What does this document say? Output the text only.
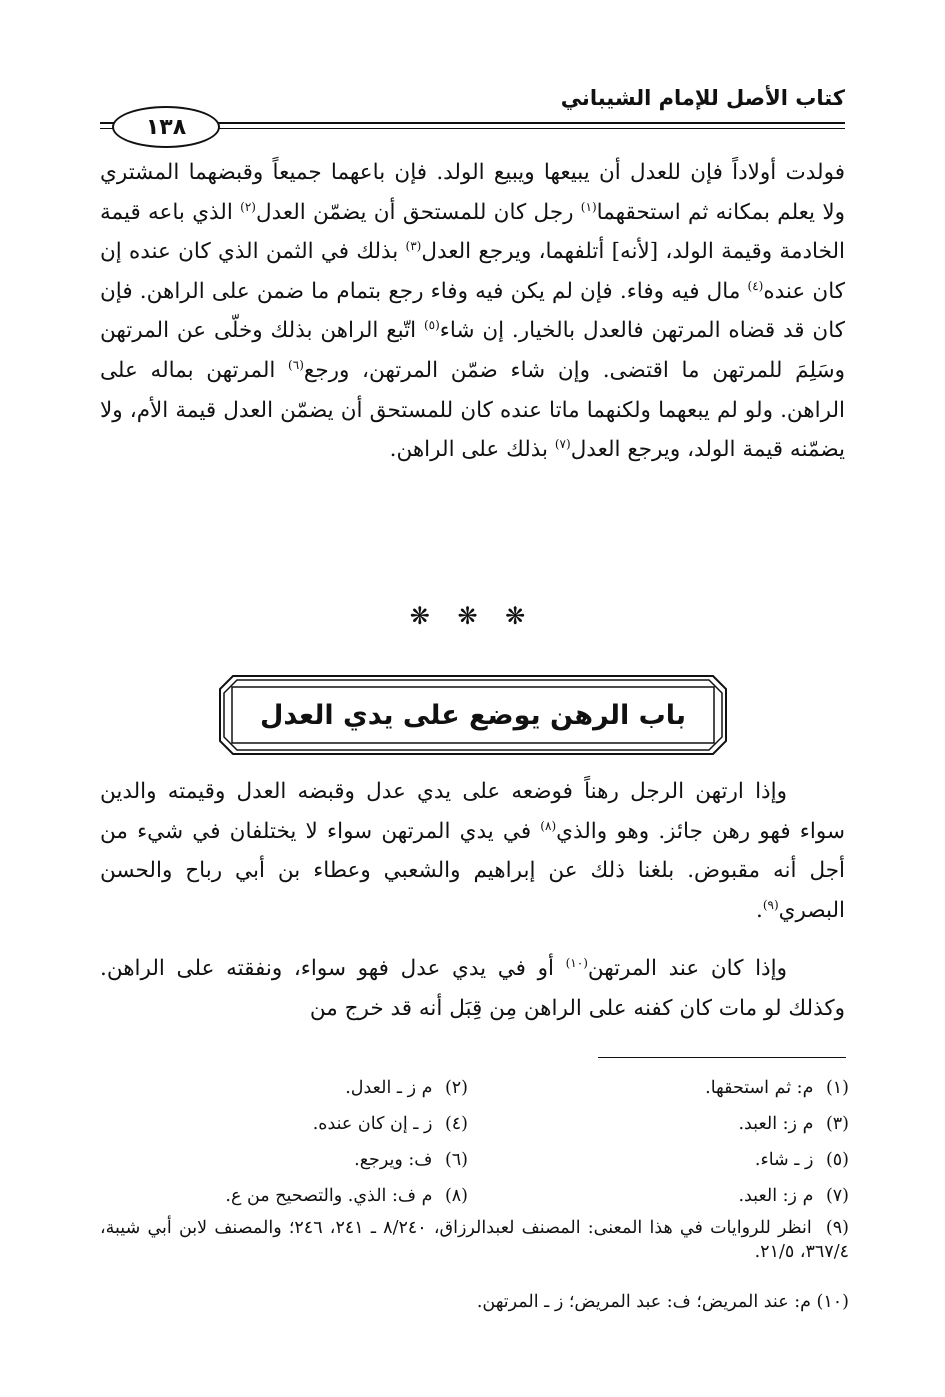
كتاب الأصل للإمام الشيباني
١٣٨

فولدت أولاداً فإن للعدل أن يبيعها ويبيع الولد. فإن باعهما جميعاً وقبضهما المشتري ولا يعلم بمكانه ثم استحقهما$^{(١)}$ رجل كان للمستحق أن يضمّن العدل$^{(٢)}$ الذي باعه قيمة الخادمة وقيمة الولد، [لأنه] أتلفهما، ويرجع العدل$^{(٣)}$ بذلك في الثمن الذي كان عنده إن كان عنده$^{(٤)}$ مال فيه وفاء. فإن لم يكن فيه وفاء رجع بتمام ما ضمن على الراهن. فإن كان قد قضاه المرتهن فالعدل بالخيار. إن شاء$^{(٥)}$ اتّبع الراهن بذلك وخلّى عن المرتهن وسَلِمَ للمرتهن ما اقتضى. وإن شاء ضمّن المرتهن، ورجع$^{(٦)}$ المرتهن بماله على الراهن. ولو لم يبعهما ولكنهما ماتا عنده كان للمستحق أن يضمّن العدل قيمة الأم، ولا يضمّنه قيمة الولد، ويرجع العدل$^{(٧)}$ بذلك على الراهن.

❋ ❋ ❋
باب الرهن يوضع على يدي العدل

وإذا ارتهن الرجل رهناً فوضعه على يدي عدل وقبضه العدل وقيمته والدين سواء فهو رهن جائز. وهو والذي$^{(٨)}$ في يدي المرتهن سواء لا يختلفان في شيء من أجل أنه مقبوض. بلغنا ذلك عن إبراهيم والشعبي وعطاء بن أبي رباح والحسن البصري$^{(٩)}$.

وإذا كان عند المرتهن$^{(١٠)}$ أو في يدي عدل فهو سواء، ونفقته على الراهن. وكذلك لو مات كان كفنه على الراهن مِن قِبَل أنه قد خرج من

(١) م: ثم استحقها.
(٢) م ز ـ العدل.
(٣) م ز: العبد.
(٤) ز ـ إن كان عنده.
(٥) ز ـ شاء.
(٦) ف: ويرجع.
(٧) م ز: العبد.
(٨) م ف: الذي. والتصحيح من ع.
(٩) انظر للروايات في هذا المعنى: المصنف لعبدالرزاق، ٨/٢٤٠ ـ ٢٤١، ٢٤٦؛ والمصنف لابن أبي شيبة، ٣٦٧/٤، ٢١/٥.
(١٠) م: عند المريض؛ ف: عبد المريض؛ ز ـ المرتهن.
